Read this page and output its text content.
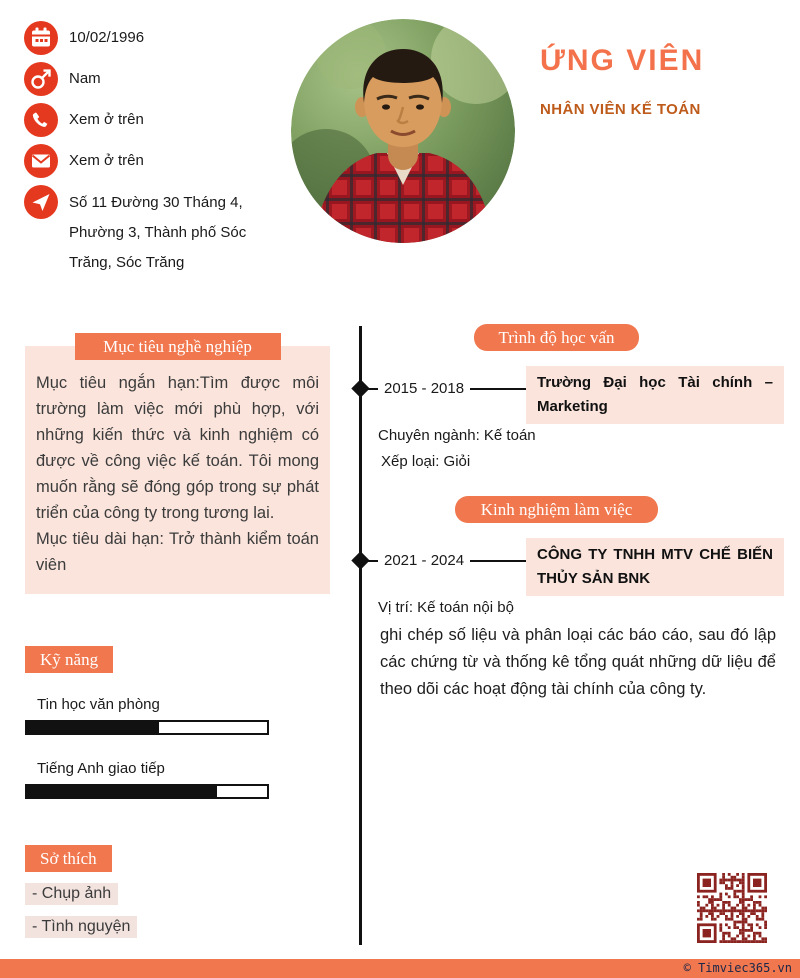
10/02/1996
Nam
Xem ở trên
Xem ở trên
Số 11 Đường 30 Tháng 4, Phường 3, Thành phố Sóc Trăng, Sóc Trăng
ỨNG VIÊN
NHÂN VIÊN KẾ TOÁN
Mục tiêu nghề nghiệp

Mục tiêu ngắn hạn:Tìm được môi trường làm việc mới phù hợp, với những kiến thức và kinh nghiệm có được về công việc kế toán. Tôi mong muốn rằng sẽ đóng góp trong sự phát triển của công ty trong tương lai.

Mục tiêu dài hạn: Trở thành kiểm toán viên

Kỹ năng
Tin học văn phòng
Tiếng Anh giao tiếp
Sở thích
- Chụp ảnh
- Tình nguyện
Trình độ học vấn
2015 - 2018	Trường Đại học Tài chính – Marketing
Chuyên ngành: Kế toán
Xếp loại: Giỏi
Kinh nghiệm làm việc
2021 - 2024	CÔNG TY TNHH MTV CHẾ BIẾN THỦY SẢN BNK
Vị trí: Kế toán nội bộ
ghi chép số liệu và phân loại các báo cáo, sau đó lập các chứng từ và thống kê tổng quát những dữ liệu để theo dõi các hoạt động tài chính của công ty.
© Timviec365.vn
